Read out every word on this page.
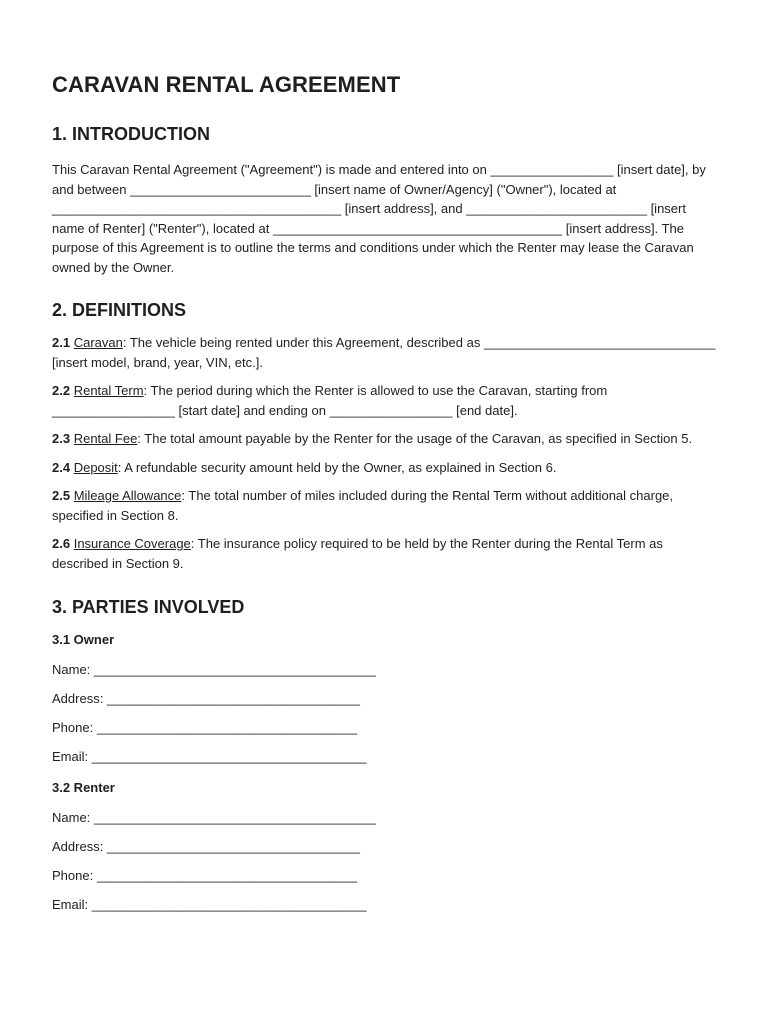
CARAVAN RENTAL AGREEMENT
1. INTRODUCTION

This Caravan Rental Agreement ("Agreement") is made and entered into on _________________ [insert date], by and between _________________________ [insert name of Owner/Agency] ("Owner"), located at ________________________________________ [insert address], and _________________________ [insert name of Renter] ("Renter"), located at ________________________________________ [insert address]. The purpose of this Agreement is to outline the terms and conditions under which the Renter may lease the Caravan owned by the Owner.

2. DEFINITIONS

2.1 Caravan: The vehicle being rented under this Agreement, described as ________________________________ [insert model, brand, year, VIN, etc.].

2.2 Rental Term: The period during which the Renter is allowed to use the Caravan, starting from _________________ [start date] and ending on _________________ [end date].

2.3 Rental Fee: The total amount payable by the Renter for the usage of the Caravan, as specified in Section 5.

2.4 Deposit: A refundable security amount held by the Owner, as explained in Section 6.

2.5 Mileage Allowance: The total number of miles included during the Rental Term without additional charge, specified in Section 8.

2.6 Insurance Coverage: The insurance policy required to be held by the Renter during the Rental Term as described in Section 9.

3. PARTIES INVOLVED
3.1 Owner

Name: _______________________________________

Address: ___________________________________

Phone: ____________________________________

Email: ______________________________________

3.2 Renter

Name: _______________________________________

Address: ___________________________________

Phone: ____________________________________

Email: ______________________________________
